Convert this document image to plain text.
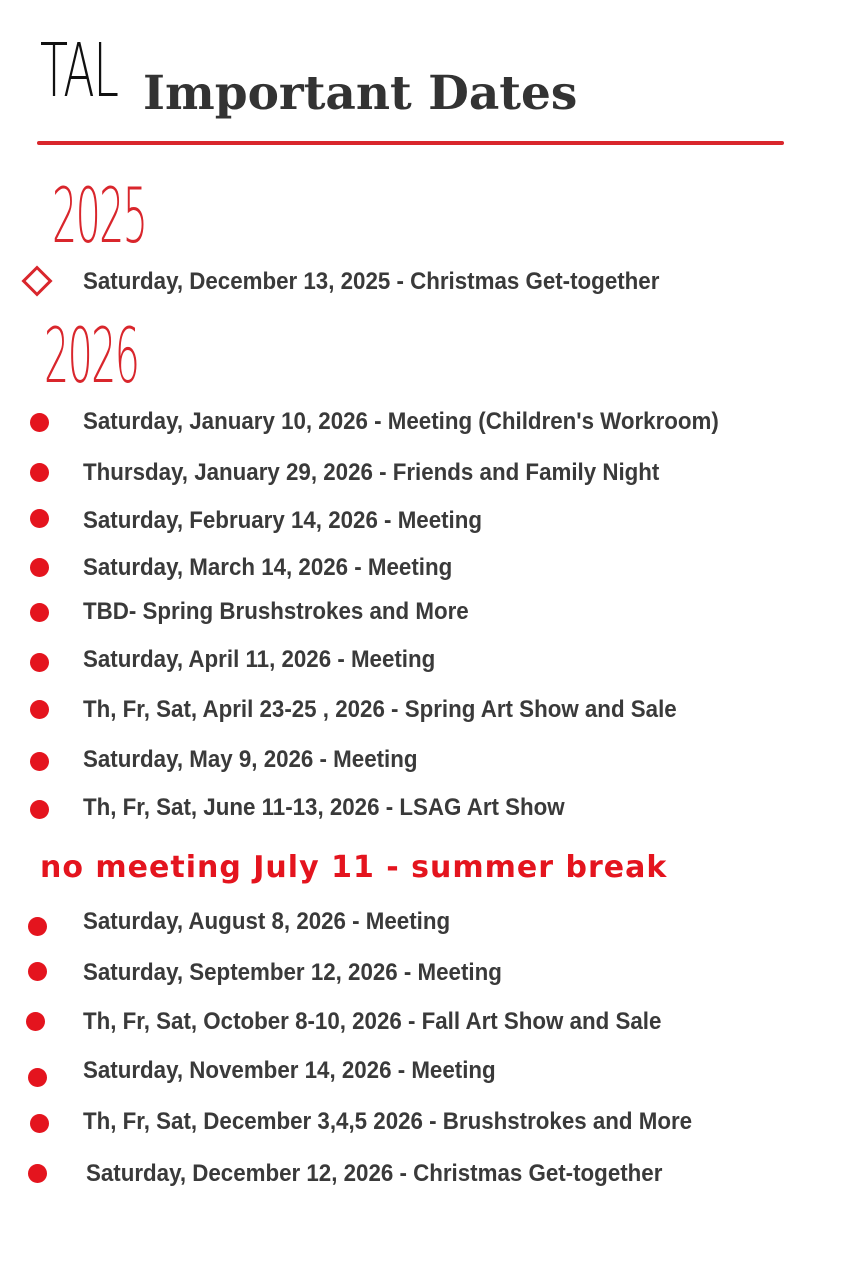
TAL Important Dates
2025
Saturday, December 13, 2025 - Christmas Get-together
2026
Saturday, January 10, 2026 - Meeting (Children's Workroom)
Thursday, January 29, 2026 - Friends and Family Night
Saturday, February 14, 2026 - Meeting
Saturday, March 14, 2026 - Meeting
TBD- Spring Brushstrokes and More
Saturday, April 11, 2026 - Meeting
Th, Fr, Sat, April 23-25 , 2026 - Spring Art Show and Sale
Saturday, May 9, 2026 - Meeting
Th, Fr, Sat, June 11-13, 2026 - LSAG Art Show
no meeting July 11 - summer break
Saturday, August 8, 2026 - Meeting
Saturday, September 12, 2026 - Meeting
Th, Fr, Sat, October 8-10, 2026 - Fall Art Show and Sale
Saturday, November 14, 2026 - Meeting
Th, Fr, Sat, December 3,4,5 2026 - Brushstrokes and More
Saturday, December 12, 2026 - Christmas Get-together
